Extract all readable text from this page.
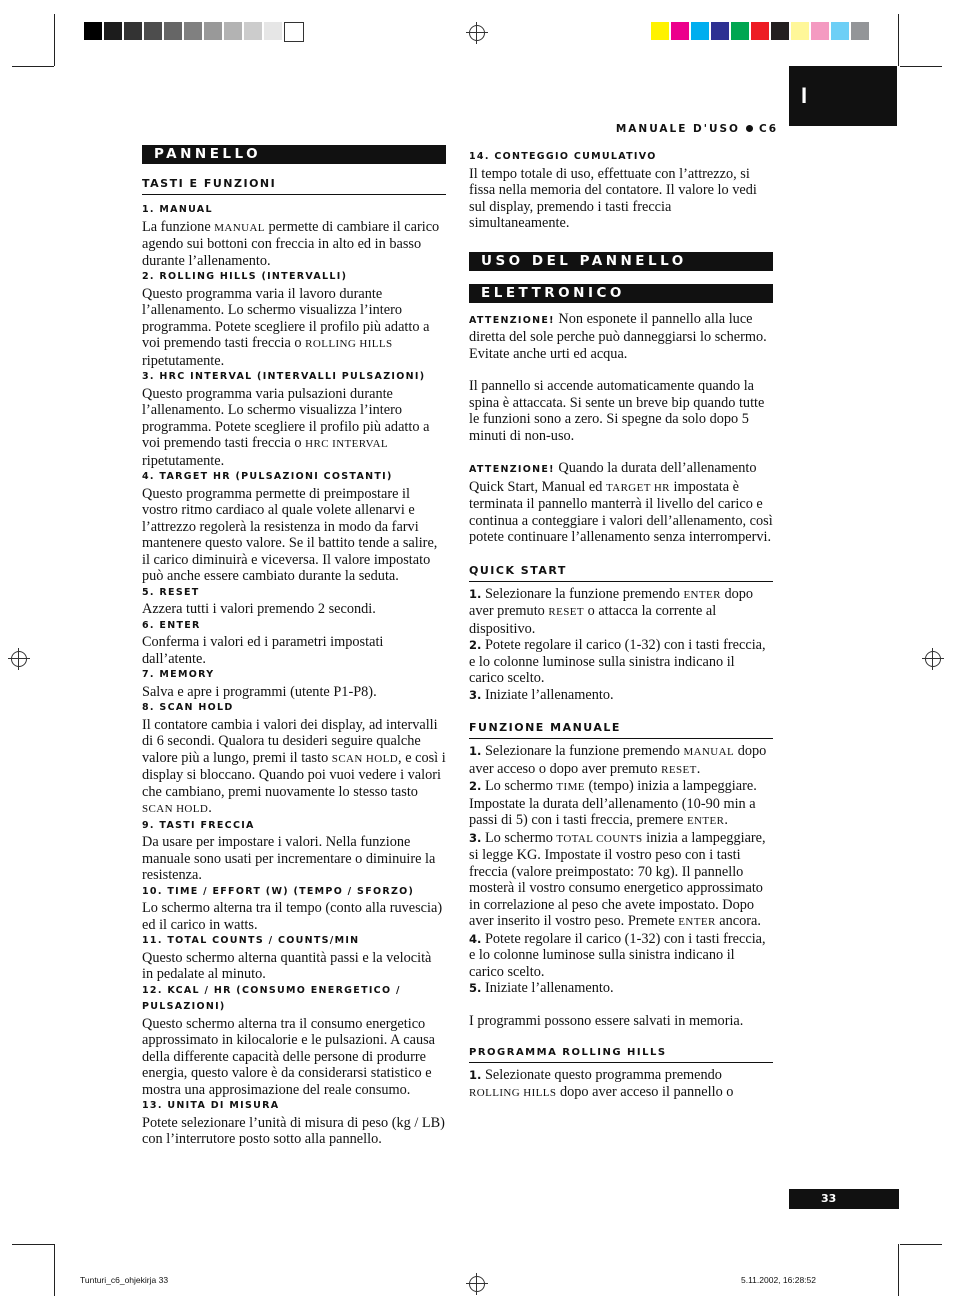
I
MANUALE D'USO C6
PANNELLO
TASTI E FUNZIONI
1. MANUAL
La funzione MANUAL permette di cambiare il carico agendo sui bottoni con freccia in alto ed in basso durante l’allenamento.
2. ROLLING HILLS (INTERVALLI)
Questo programma varia il lavoro durante l’allenamento. Lo schermo visualizza l’intero programma. Potete scegliere il profilo più adatto a voi premendo tasti freccia o ROLLING HILLS ripetutamente.
3. HRC INTERVAL (INTERVALLI PULSAZIONI)
Questo programma varia pulsazioni durante l’allenamento. Lo schermo visualizza l’intero programma. Potete scegliere il profilo più adatto a voi premendo tasti freccia o HRC INTERVAL ripetutamente.
4. TARGET HR (PULSAZIONI COSTANTI)
Questo programma permette di preimpostare il vostro ritmo cardiaco al quale volete allenarvi e l’attrezzo regolerà la resistenza in modo da farvi mantenere questo valore. Se il battito tende a salire, il carico diminuirà e viceversa. Il valore impostato può anche essere cambiato durante la seduta.
5. RESET
Azzera tutti i valori premendo 2 secondi.
6. ENTER
Conferma i valori ed i parametri impostati dall’atente.
7. MEMORY
Salva e apre i programmi (utente P1-P8).
8. SCAN HOLD
Il contatore cambia i valori dei display, ad intervalli di 6 secondi. Qualora tu desideri seguire qualche valore più a lungo, premi il tasto SCAN HOLD, e così i display si bloccano. Quando poi vuoi vedere i valori che cambiano, premi nuovamente lo stesso tasto SCAN HOLD.
9. TASTI FRECCIA
Da usare per impostare i valori. Nella funzione manuale sono usati per incrementare o diminuire la resistenza.
10. TIME / EFFORT (W) (TEMPO / SFORZO)
Lo schermo alterna tra il tempo (conto alla ruvescia) ed il carico in watts.
11. TOTAL COUNTS / COUNTS/MIN
Questo schermo alterna quantità passi e la velocità in pedalate al minuto.
12. KCAL / HR (CONSUMO ENERGETICO / PULSAZIONI)
Questo schermo alterna tra il consumo energetico approssimato in kilocalorie e le pulsazioni. A causa della differente capacità delle persone di produrre energia, questo valore è da considerarsi statistico e mostra una approsimazione del reale consumo.
13. UNITA DI MISURA
Potete selezionare l’unità di misura di peso (kg / LB) con l’interrutore posto sotto alla pannello.
14. CONTEGGIO CUMULATIVO
Il tempo totale di uso, effettuate con l’attrezzo, si fissa nella memoria del contatore. Il valore lo vedi sul display, premendo i tasti freccia simultaneamente.
USO DEL PANNELLO
ELETTRONICO
ATTENZIONE! Non esponete il pannello alla luce diretta del sole perche può danneggiarsi lo schermo. Evitate anche urti ed acqua.
Il pannello si accende automaticamente quando la spina è attaccata. Si sente un breve bip quando tutte le funzioni sono a zero. Si spegne da solo dopo 5 minuti di non-uso.
ATTENZIONE! Quando la durata dell’allenamento Quick Start, Manual ed TARGET HR impostata è terminata il pannello manterrà il livello del carico e continua a conteggiare i valori dell’allenamento, così potete continuare l’allenamento senza interrompervi.
QUICK START
1. Selezionare la funzione premendo ENTER dopo aver premuto RESET o attacca la corrente al dispositivo.
2. Potete regolare il carico (1-32) con i tasti freccia, e lo colonne luminose sulla sinistra indicano il carico scelto.
3. Iniziate l’allenamento.
FUNZIONE MANUALE
1. Selezionare la funzione premendo MANUAL dopo aver acceso o dopo aver premuto RESET.
2. Lo schermo TIME (tempo) inizia a lampeggiare. Impostate la durata dell’allenamento (10-90 min a passi di 5) con i tasti freccia, premere ENTER.
3. Lo schermo TOTAL COUNTS inizia a lampeggiare, si legge KG. Impostate il vostro peso con i tasti freccia (valore preimpostato: 70 kg). Il pannello mosterà il vostro consumo energetico approssimato in correlazione al peso che avete impostato. Dopo aver inserito il vostro peso. Premete ENTER ancora.
4. Potete regolare il carico (1-32) con i tasti freccia, e lo colonne luminose sulla sinistra indicano il carico scelto.
5. Iniziate l’allenamento.
I programmi possono essere salvati in memoria.
PROGRAMMA ROLLING HILLS
1. Selezionate questo programma premendo ROLLING HILLS dopo aver acceso il pannello o
33
Tunturi_c6_ohjekirja 33	5.11.2002, 16:28:52
